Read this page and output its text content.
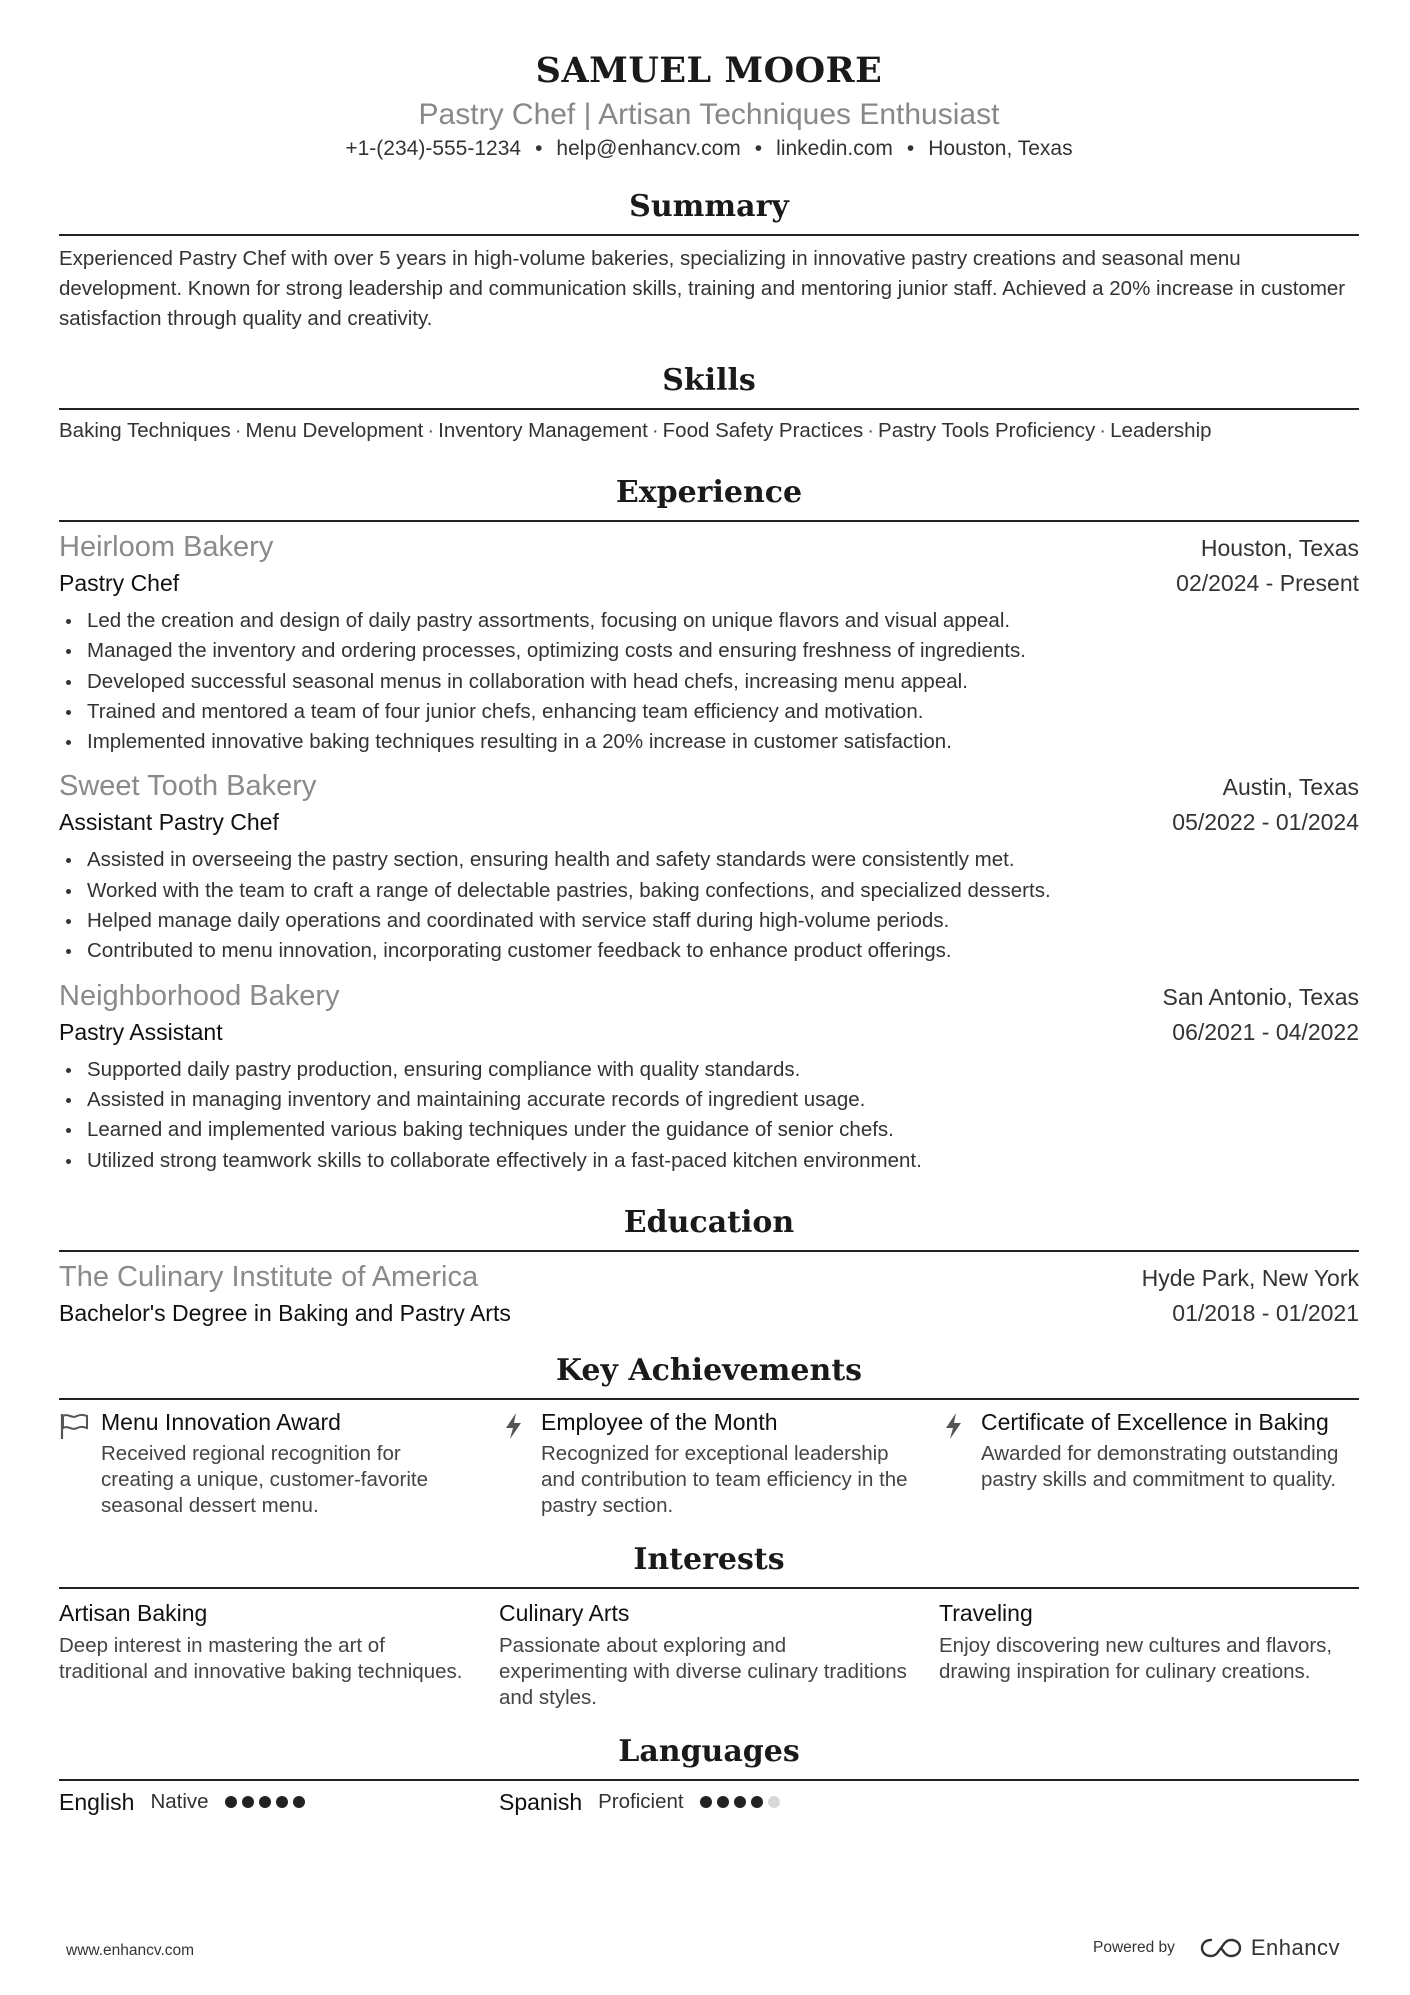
SAMUEL MOORE
Pastry Chef | Artisan Techniques Enthusiast
+1-(234)-555-1234 • help@enhancv.com • linkedin.com • Houston, Texas
Summary
Experienced Pastry Chef with over 5 years in high-volume bakeries, specializing in innovative pastry creations and seasonal menu development. Known for strong leadership and communication skills, training and mentoring junior staff. Achieved a 20% increase in customer satisfaction through quality and creativity.
Skills
Baking Techniques · Menu Development · Inventory Management · Food Safety Practices · Pastry Tools Proficiency · Leadership
Experience
Heirloom Bakery	Houston, Texas
Pastry Chef	02/2024 - Present
Led the creation and design of daily pastry assortments, focusing on unique flavors and visual appeal.
Managed the inventory and ordering processes, optimizing costs and ensuring freshness of ingredients.
Developed successful seasonal menus in collaboration with head chefs, increasing menu appeal.
Trained and mentored a team of four junior chefs, enhancing team efficiency and motivation.
Implemented innovative baking techniques resulting in a 20% increase in customer satisfaction.
Sweet Tooth Bakery	Austin, Texas
Assistant Pastry Chef	05/2022 - 01/2024
Assisted in overseeing the pastry section, ensuring health and safety standards were consistently met.
Worked with the team to craft a range of delectable pastries, baking confections, and specialized desserts.
Helped manage daily operations and coordinated with service staff during high-volume periods.
Contributed to menu innovation, incorporating customer feedback to enhance product offerings.
Neighborhood Bakery	San Antonio, Texas
Pastry Assistant	06/2021 - 04/2022
Supported daily pastry production, ensuring compliance with quality standards.
Assisted in managing inventory and maintaining accurate records of ingredient usage.
Learned and implemented various baking techniques under the guidance of senior chefs.
Utilized strong teamwork skills to collaborate effectively in a fast-paced kitchen environment.
Education
The Culinary Institute of America	Hyde Park, New York
Bachelor's Degree in Baking and Pastry Arts	01/2018 - 01/2021
Key Achievements
Menu Innovation Award
Received regional recognition for creating a unique, customer-favorite seasonal dessert menu.
Employee of the Month
Recognized for exceptional leadership and contribution to team efficiency in the pastry section.
Certificate of Excellence in Baking
Awarded for demonstrating outstanding pastry skills and commitment to quality.
Interests
Artisan Baking
Deep interest in mastering the art of traditional and innovative baking techniques.
Culinary Arts
Passionate about exploring and experimenting with diverse culinary traditions and styles.
Traveling
Enjoy discovering new cultures and flavors, drawing inspiration for culinary creations.
Languages
English Native	Spanish Proficient
www.enhancv.com	Powered by	Enhancv
